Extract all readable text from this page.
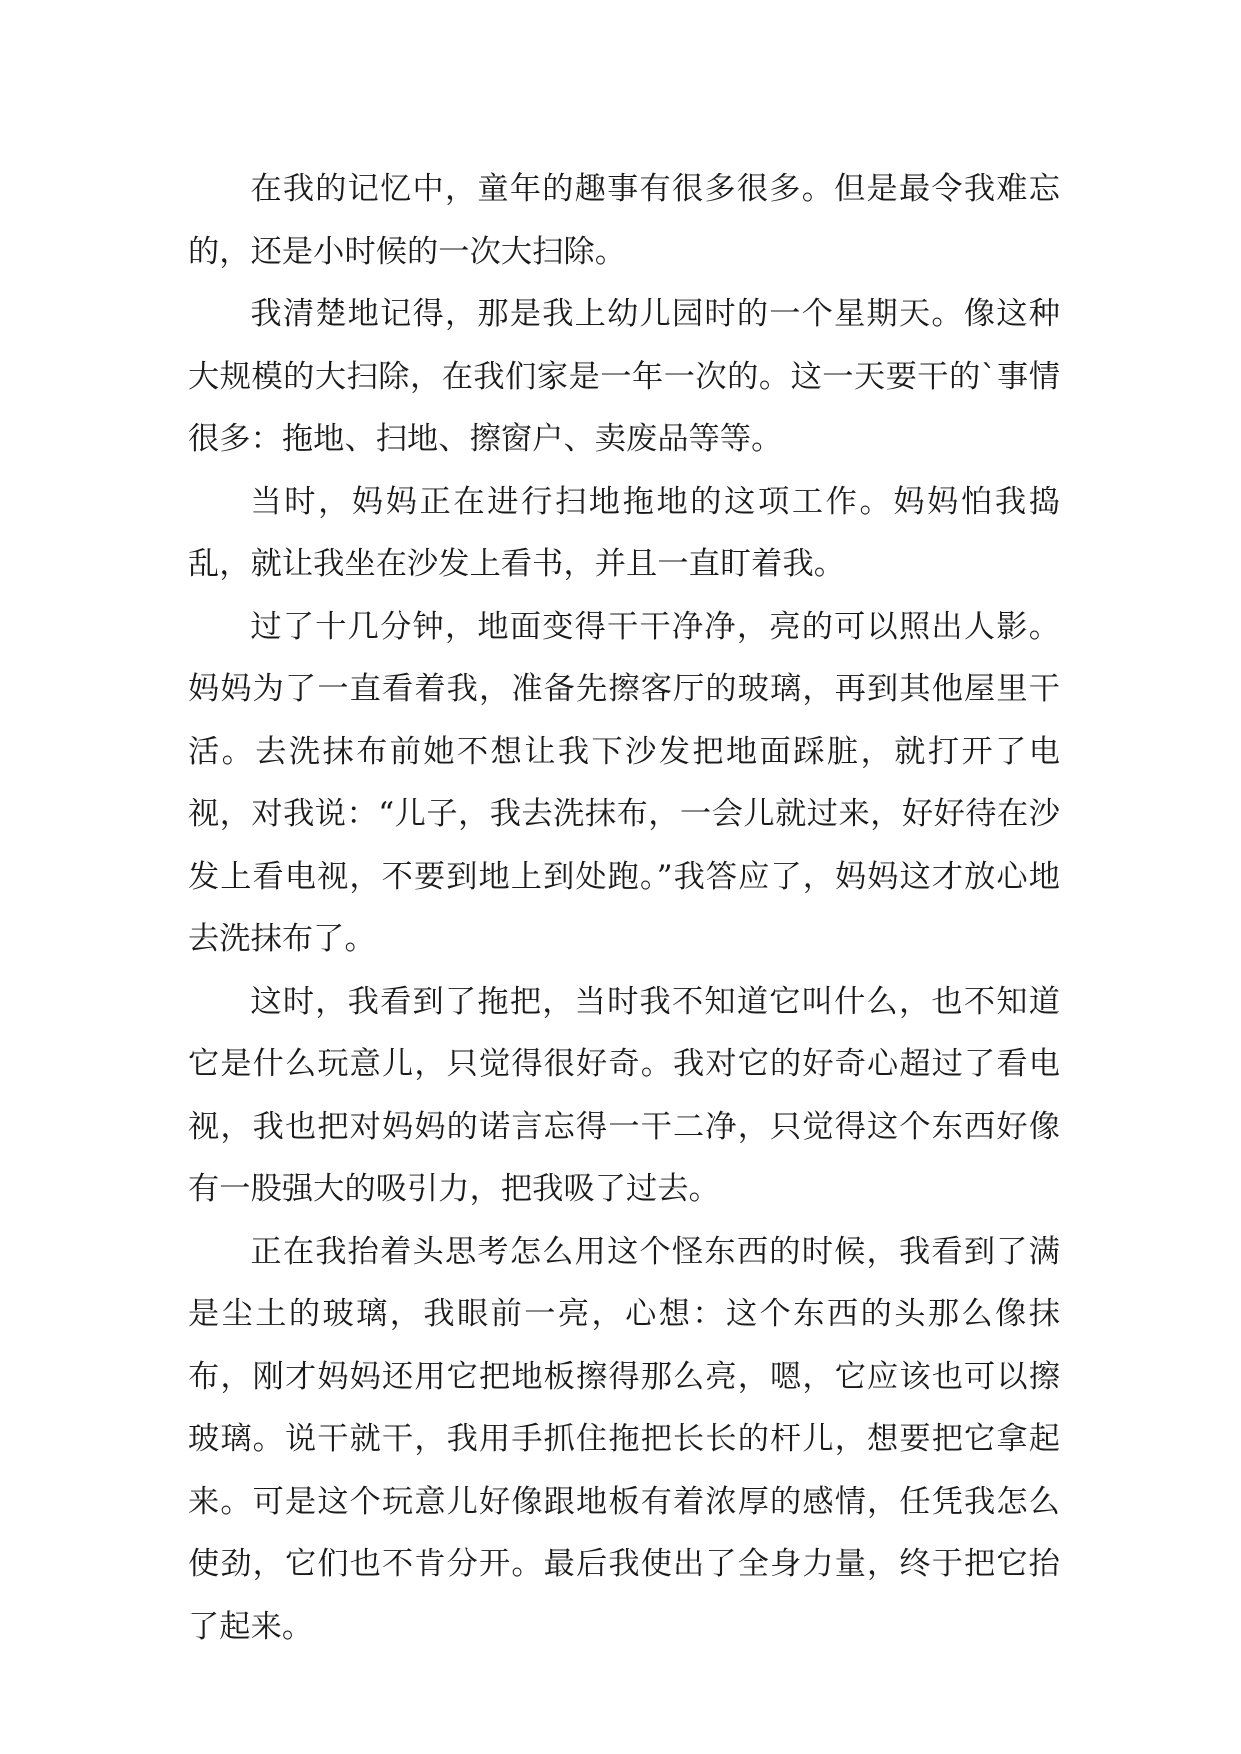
在我的记忆中，童年的趣事有很多很多。但是最令我难忘的，还是小时候的一次大扫除。

我清楚地记得，那是我上幼儿园时的一个星期天。像这种大规模的大扫除，在我们家是一年一次的。这一天要干的`事情很多：拖地、扫地、擦窗户、卖废品等等。

当时，妈妈正在进行扫地拖地的这项工作。妈妈怕我捣乱，就让我坐在沙发上看书，并且一直盯着我。

过了十几分钟，地面变得干干净净，亮的可以照出人影。妈妈为了一直看着我，准备先擦客厅的玻璃，再到其他屋里干活。去洗抹布前她不想让我下沙发把地面踩脏，就打开了电视，对我说：“儿子，我去洗抹布，一会儿就过来，好好待在沙发上看电视，不要到地上到处跑。”我答应了，妈妈这才放心地去洗抹布了。

这时，我看到了拖把，当时我不知道它叫什么，也不知道它是什么玩意儿，只觉得很好奇。我对它的好奇心超过了看电视，我也把对妈妈的诺言忘得一干二净，只觉得这个东西好像有一股强大的吸引力，把我吸了过去。

正在我抬着头思考怎么用这个怪东西的时候，我看到了满是尘土的玻璃，我眼前一亮，心想：这个东西的头那么像抹布，刚才妈妈还用它把地板擦得那么亮，嗯，它应该也可以擦玻璃。说干就干，我用手抓住拖把长长的杆儿，想要把它拿起来。可是这个玩意儿好像跟地板有着浓厚的感情，任凭我怎么使劲，它们也不肯分开。最后我使出了全身力量，终于把它抬了起来。
